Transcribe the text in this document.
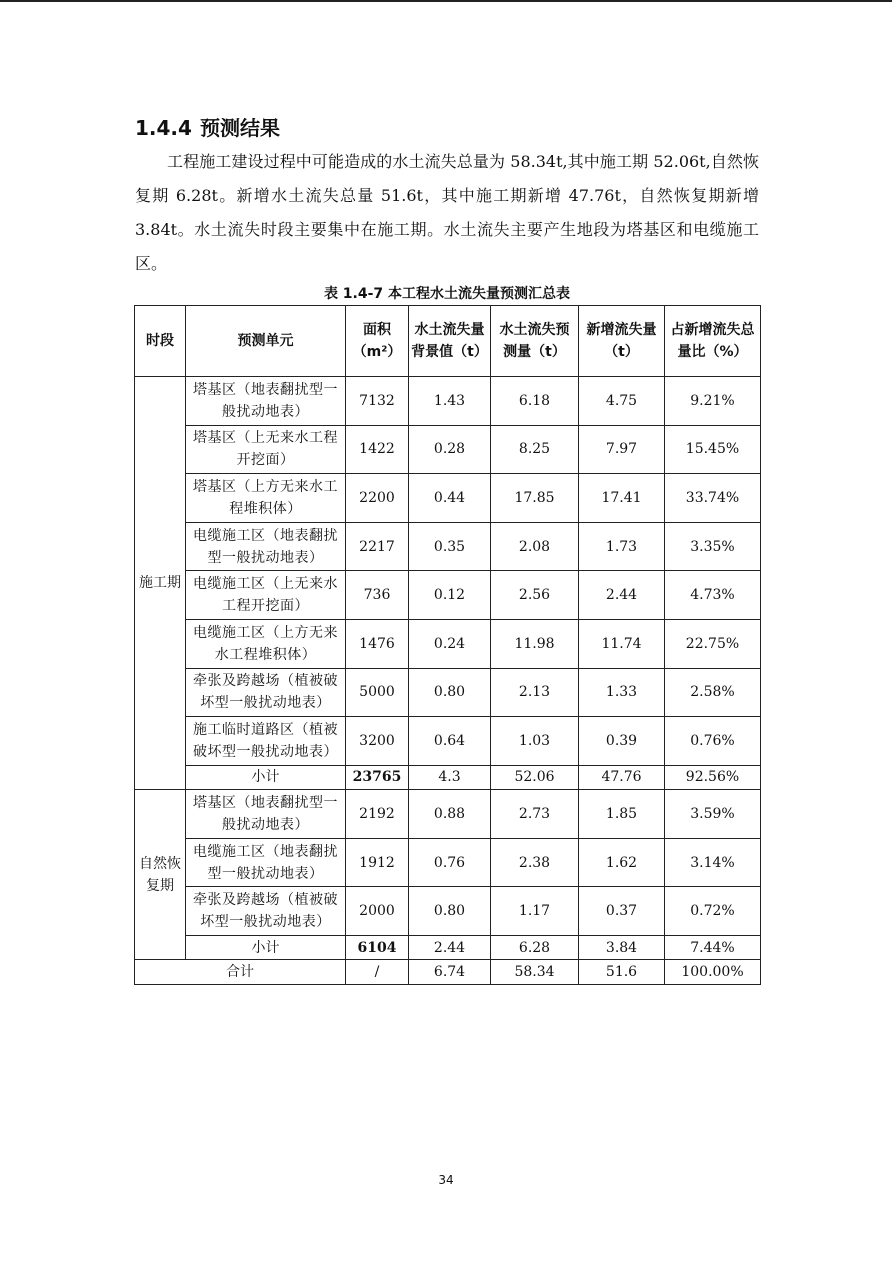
1.4.4 预测结果

工程施工建设过程中可能造成的水土流失总量为 58.34t,其中施工期 52.06t,自然恢复期 6.28t。新增水土流失总量 51.6t，其中施工期新增 47.76t，自然恢复期新增 3.84t。水土流失时段主要集中在施工期。水土流失主要产生地段为塔基区和电缆施工区。

表 1.4-7 本工程水土流失量预测汇总表
时段	预测单元	面积（m²）	水土流失量背景值（t）	水土流失预测量（t）	新增流失量（t）	占新增流失总量比（%）
施工期	塔基区（地表翻扰型一般扰动地表）	7132	1.43	6.18	4.75	9.21%
	塔基区（上无来水工程开挖面）	1422	0.28	8.25	7.97	15.45%
	塔基区（上方无来水工程堆积体）	2200	0.44	17.85	17.41	33.74%
	电缆施工区（地表翻扰型一般扰动地表）	2217	0.35	2.08	1.73	3.35%
	电缆施工区（上无来水工程开挖面）	736	0.12	2.56	2.44	4.73%
	电缆施工区（上方无来水工程堆积体）	1476	0.24	11.98	11.74	22.75%
	牵张及跨越场（植被破坏型一般扰动地表）	5000	0.80	2.13	1.33	2.58%
	施工临时道路区（植被破坏型一般扰动地表）	3200	0.64	1.03	0.39	0.76%
	小计	23765	4.3	52.06	47.76	92.56%
自然恢复期	塔基区（地表翻扰型一般扰动地表）	2192	0.88	2.73	1.85	3.59%
	电缆施工区（地表翻扰型一般扰动地表）	1912	0.76	2.38	1.62	3.14%
	牵张及跨越场（植被破坏型一般扰动地表）	2000	0.80	1.17	0.37	0.72%
	小计	6104	2.44	6.28	3.84	7.44%
合计		/	6.74	58.34	51.6	100.00%
34
